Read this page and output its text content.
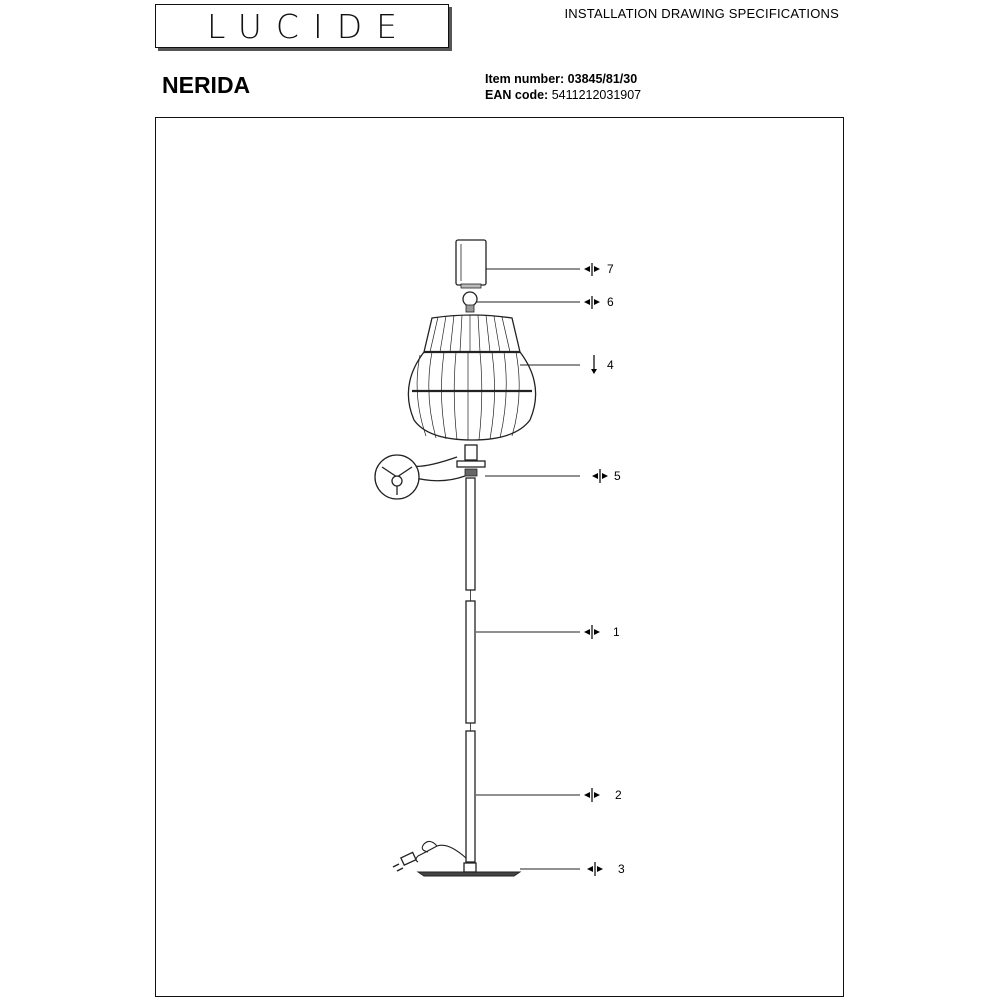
LUCIDE	INSTALLATION DRAWING SPECIFICATIONS
NERIDA	Item number: 03845/81/30
EAN code: 5411212031907
7
6
4
5
1
2
3
